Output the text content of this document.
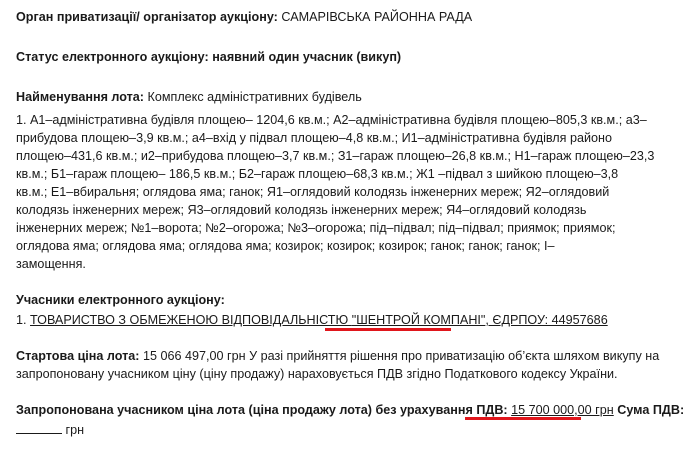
Орган приватизації/ організатор аукціону: САМАРІВСЬКА РАЙОННА РАДА
Статус електронного аукціону: наявний один учасник (викуп)
Найменування лота: Комплекс адміністративних будівель
1. А1–адміністративна будівля площею– 1204,6 кв.м.; А2–адміністративна будівля площею–805,3 кв.м.; а3–
прибудова площею–3,9 кв.м.; а4–вхід у підвал площею–4,8 кв.м.; И1–адміністративна будівля районо
площею–431,6 кв.м.; и2–прибудова площею–3,7 кв.м.; З1–гараж площею–26,8 кв.м.; Н1–гараж площею–23,3
кв.м.; Б1–гараж площею– 186,5 кв.м.; Б2–гараж площею–68,3 кв.м.; Ж1 –підвал з шийкою площею–3,8
кв.м.; Е1–вбиральня; оглядова яма; ганок; Я1–оглядовий колодязь інженерних мереж; Я2–оглядовий
колодязь інженерних мереж; Я3–оглядовий колодязь інженерних мереж; Я4–оглядовий колодязь
інженерних мереж; №1–ворота; №2–огорожа; №3–огорожа; під–підвал; під–підвал; приямок; приямок;
оглядова яма; оглядова яма; оглядова яма; козирок; козирок; козирок; ганок; ганок; ганок; І–
замощення.
Учасники електронного аукціону:
1. ТОВАРИСТВО З ОБМЕЖЕНОЮ ВІДПОВІДАЛЬНІСТЮ "ШЕНТРОЙ КОМПАНІ", ЄДРПОУ: 44957686
Стартова ціна лота: 15 066 497,00 грн У разі прийняття рішення про приватизацію об’єкта шляхом викупу на
запропоновану учасником ціну (ціну продажу) нараховується ПДВ згідно Податкового кодексу України.
Запропонована учасником ціна лота (ціна продажу лота) без урахування ПДВ: 15 700 000,00 грн Сума ПДВ:
грн
